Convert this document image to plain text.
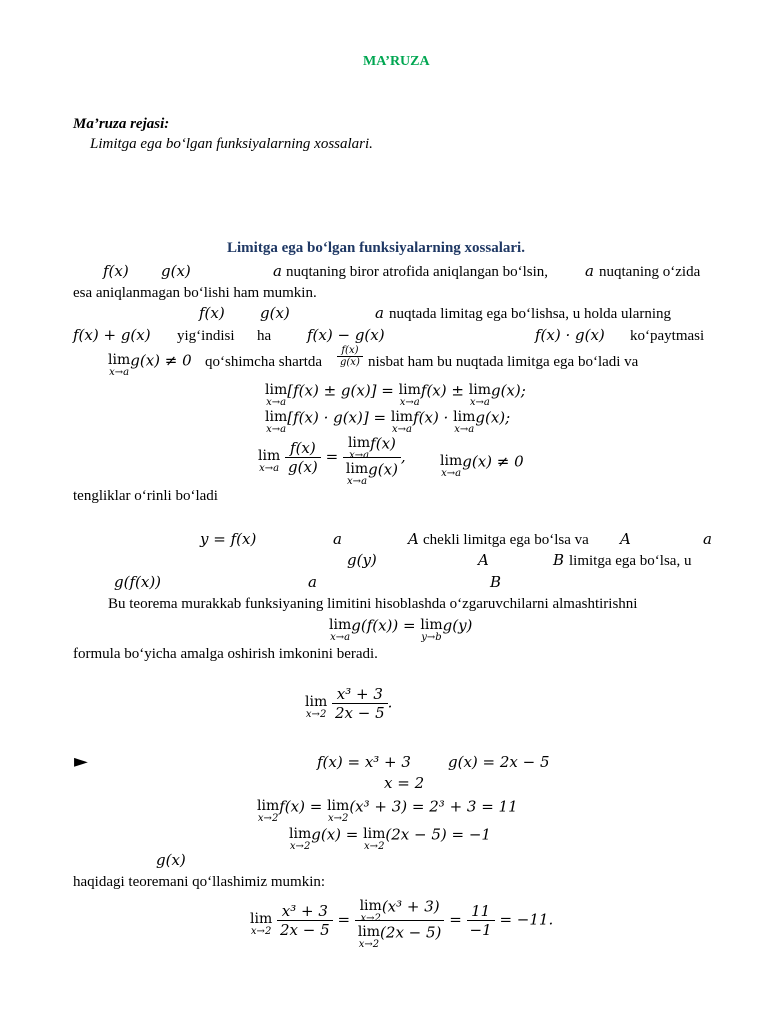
MA’RUZA
Ma’ruza rejasi:
Limitga ega bo‘lgan funksiyalarning xossalari.
Limitga ega bo‘lgan funksiyalarning xossalari.
f(x) g(x)	a nuqtaning biror atrofida aniqlangan bo‘lsin, a nuqtaning o‘zida
esa aniqlanmagan bo‘lishi ham mumkin.
f(x) g(x)	a nuqtada limitag ega bo‘lishsa, u holda ularning
f(x) + g(x) yig‘indisi ha f(x) − g(x)	f(x) · g(x) ko‘paytmasi
lim
x→a
g(x) ≠ 0 qo‘shimcha shartda $\frac{f(x)}{g(x)}$ nisbat ham bu nuqtada limitga ega bo‘ladi va
lim
x→a
[f(x) ± g(x)] = lim
x→a
f(x) ± lim
x→a
g(x);
lim
x→a
[f(x) · g(x)] = lim
x→a
f(x) · lim
x→a
g(x);
lim
x→a
$\frac{f(x)}{g(x)} = \lim$
x→a
f(x)
lim
x→a
g(x) , lim
x→a
g(x) ≠ 0
tengliklar o‘rinli bo‘ladi
y = f(x)	a	A chekli limitga ega bo‘lsa va A	a
g(y)	A	B limitga ega bo‘lsa, u
g(f(x))	a	B
Bu teorema murakkab funksiyaning limitini hisoblashda o‘zgaruvchilarni almashtirishni
lim
x→a
g(f(x)) = lim
y→b
g(y)
formula bo‘yicha amalga oshirish imkonini beradi.
lim
x→2
$\frac{\text{x³ + 3}}{2x - 5}$ .
►	f(x) = x³ + 3 g(x) = 2x − 5
x = 2
lim
x→2
f(x) = lim
x→2
(x³ + 3) = 2³ + 3 = 11
lim
x→2
g(x) = lim
x→2
(2x − 5) = −1
g(x)
haqidagi teoremani qo‘llashimiz mumkin:
lim
x→2
$\frac{\text{x³ + 3}}{2x - 5} = \lim$
x→2
(x³ + 3)
lim
x→2
$(2x - 5) = \frac{11}{-1} = -11$.
